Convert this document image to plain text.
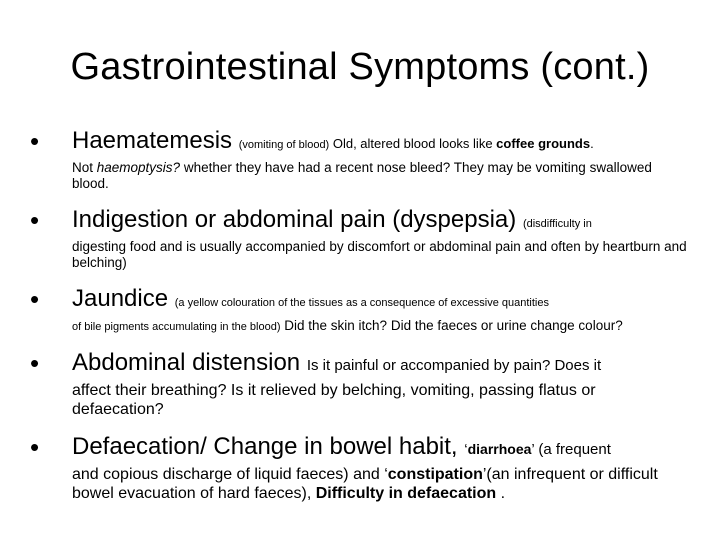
Gastrointestinal Symptoms (cont.)
• Haematemesis (vomiting of blood) Old, altered blood looks like coffee grounds.
Not haemoptysis? whether they have had a recent nose bleed? They may be vomiting swallowed blood.
• Indigestion or abdominal pain (dyspepsia) (disdifficulty in
digesting food and is usually accompanied by discomfort or abdominal pain and often by heartburn and belching)
• Jaundice (a yellow colouration of the tissues as a consequence of excessive quantities
of bile pigments accumulating in the blood) Did the skin itch? Did the faeces or urine change colour?
• Abdominal distension Is it painful or accompanied by pain? Does it
affect their breathing? Is it relieved by belching, vomiting, passing flatus or defaecation?
• Defaecation/ Change in bowel habit, ‘diarrhoea’ (a frequent
and copious discharge of liquid faeces) and ‘constipation’(an infrequent or difficult bowel evacuation of hard faeces), Difficulty in defaecation .
